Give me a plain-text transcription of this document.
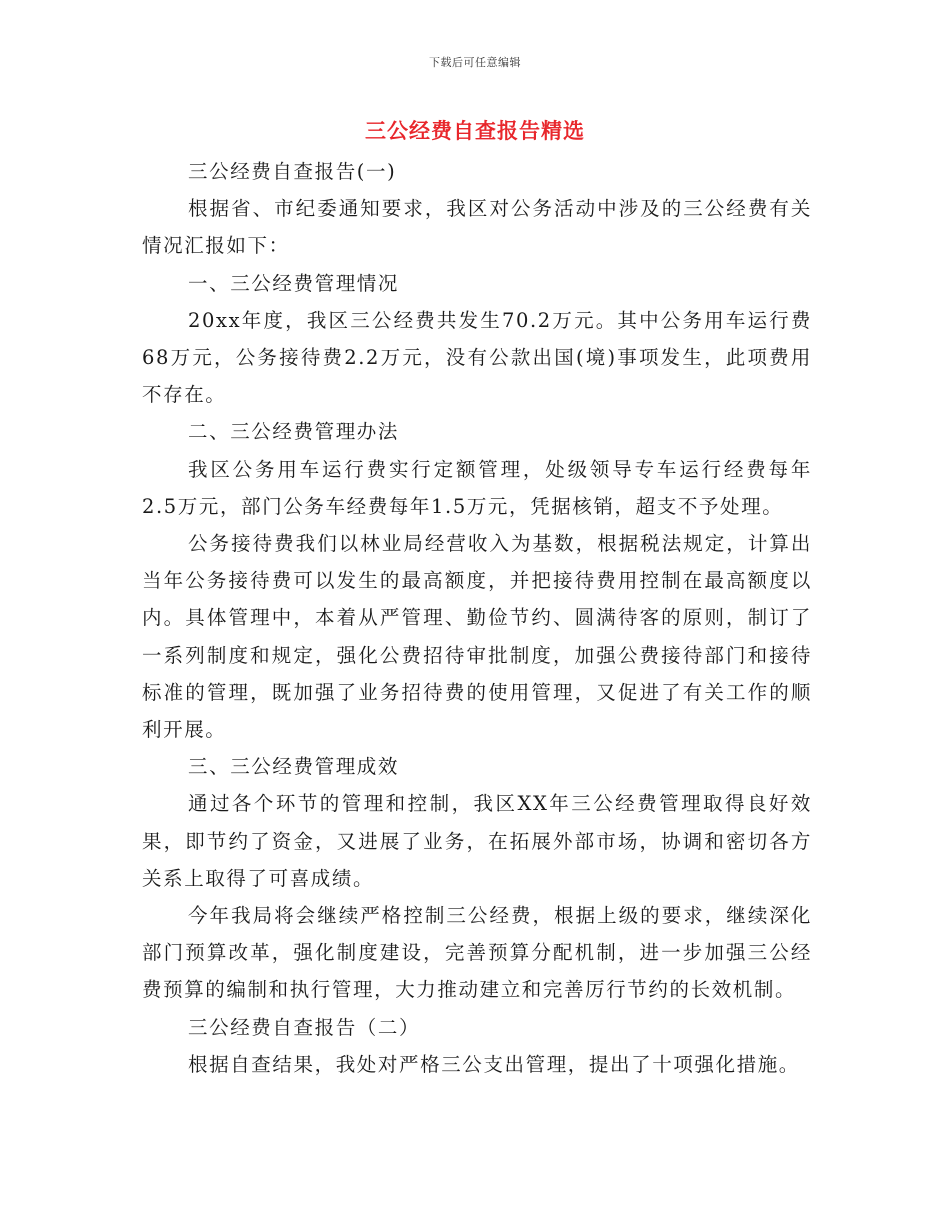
下载后可任意编辑
三公经费自查报告精选

三公经费自查报告(一)

根据省、市纪委通知要求，我区对公务活动中涉及的三公经费有关情况汇报如下：

一、三公经费管理情况

20xx年度，我区三公经费共发生70.2万元。其中公务用车运行费68万元，公务接待费2.2万元，没有公款出国(境)事项发生，此项费用不存在。

二、三公经费管理办法

我区公务用车运行费实行定额管理，处级领导专车运行经费每年2.5万元，部门公务车经费每年1.5万元，凭据核销，超支不予处理。

公务接待费我们以林业局经营收入为基数，根据税法规定，计算出当年公务接待费可以发生的最高额度，并把接待费用控制在最高额度以内。具体管理中，本着从严管理、勤俭节约、圆满待客的原则，制订了一系列制度和规定，强化公费招待审批制度，加强公费接待部门和接待标准的管理，既加强了业务招待费的使用管理，又促进了有关工作的顺利开展。

三、三公经费管理成效

通过各个环节的管理和控制，我区XX年三公经费管理取得良好效果，即节约了资金，又进展了业务，在拓展外部市场，协调和密切各方关系上取得了可喜成绩。

今年我局将会继续严格控制三公经费，根据上级的要求，继续深化部门预算改革，强化制度建设，完善预算分配机制，进一步加强三公经费预算的编制和执行管理，大力推动建立和完善厉行节约的长效机制。

三公经费自查报告（二）

根据自查结果，我处对严格三公支出管理，提出了十项强化措施。
